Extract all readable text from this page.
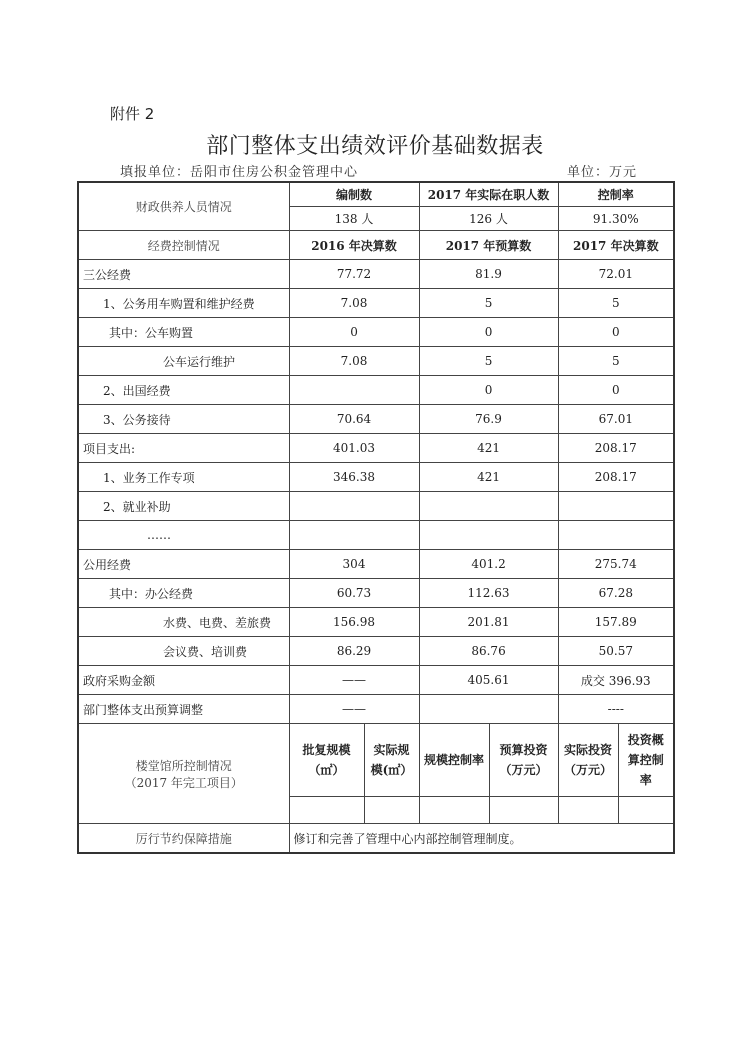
附件 2
部门整体支出绩效评价基础数据表
填报单位：岳阳市住房公积金管理中心	单位：万元
财政供养人员情况	编制数		2017 年实际在职人数		控制率	
	138 人		126 人		91.30%	
经费控制情况	2016 年决算数		2017 年预算数		2017 年决算数	
三公经费	77.72		81.9		72.01	
1、公务用车购置和维护经费	7.08		5		5	
其中：公车购置	0		0		0	
公车运行维护	7.08		5		5	
2、出国经费			0		0	
3、公务接待	70.64		76.9		67.01	
项目支出:	401.03		421		208.17	
1、业务工作专项	346.38		421		208.17	
2、就业补助						
……						
公用经费	304		401.2		275.74	
其中：办公经费	60.73		112.63		67.28	
水费、电费、差旅费	156.98		201.81		157.89	
会议费、培训费	86.29		86.76		50.57	
政府采购金额	——		405.61		成交 396.93	
部门整体支出预算调整	——				----	

楼堂馆所控制情况
（2017 年完工项目）	批复规模（㎡）	实际规模(㎡）	规模控制率	预算投资（万元）	实际投资（万元）	投资概算控制率

厉行节约保障措施	修订和完善了管理中心内部控制管理制度。					
